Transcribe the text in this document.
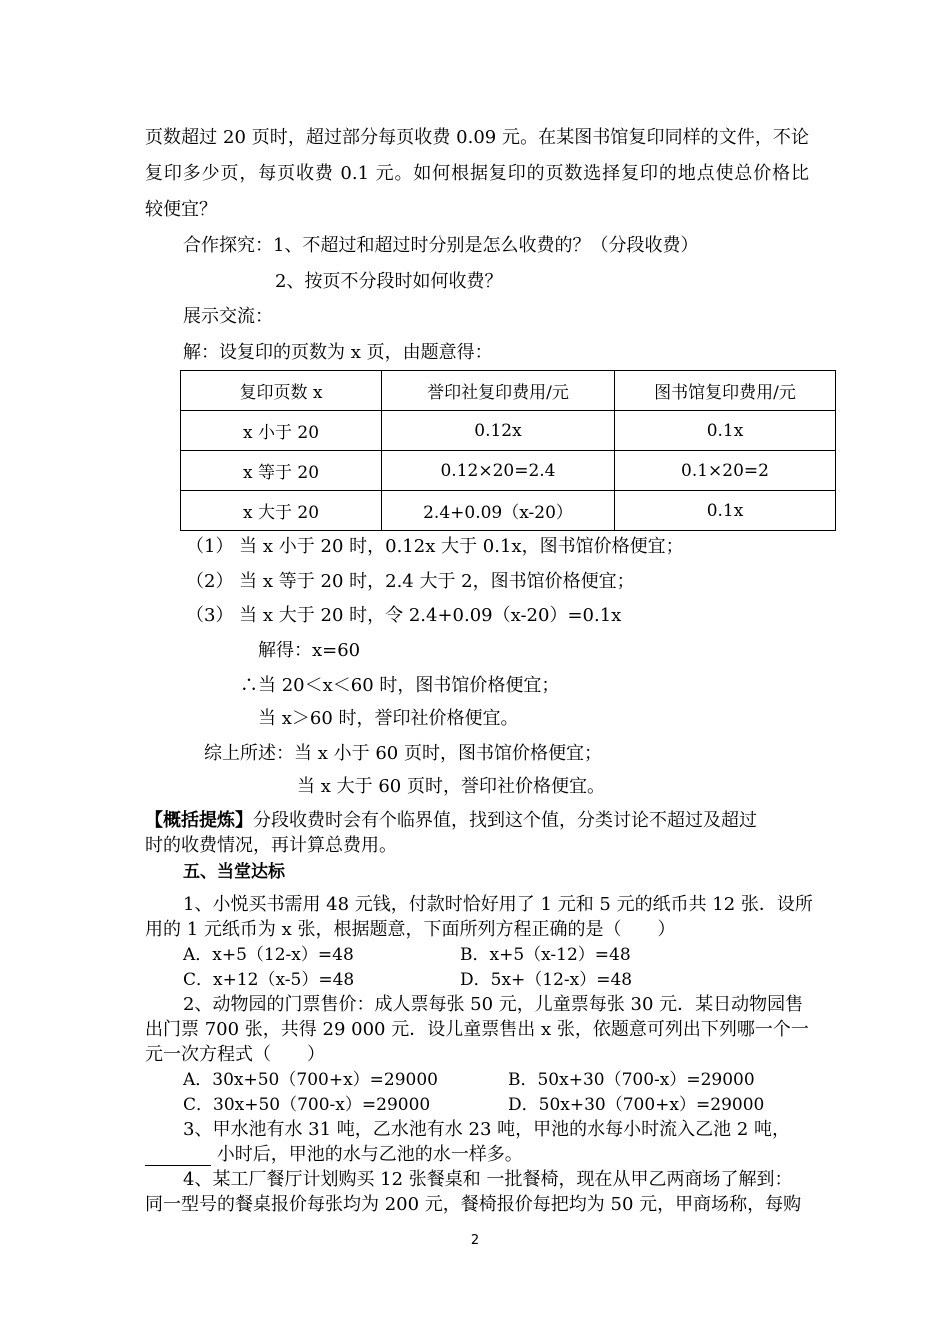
页数超过 20 页时，超过部分每页收费 0.09 元。在某图书馆复印同样的文件，不论
复印多少页，每页收费 0.1 元。如何根据复印的页数选择复印的地点使总价格比
较便宜？
合作探究：1、不超过和超过时分别是怎么收费的？（分段收费）
2、按页不分段时如何收费？
展示交流：
解：设复印的页数为 x 页，由题意得：
复印页数 x	誉印社复印费用/元	图书馆复印费用/元
x 小于 20	0.12x	0.1x
x 等于 20	0.12×20=2.4	0.1×20=2
x 大于 20	2.4+0.09（x-20）	0.1x
（1） 当 x 小于 20 时，0.12x 大于 0.1x，图书馆价格便宜；
（2） 当 x 等于 20 时，2.4 大于 2，图书馆价格便宜；
（3） 当 x 大于 20 时，令 2.4+0.09（x-20）=0.1x
解得：x=60
∴当 20＜x＜60 时，图书馆价格便宜；
当 x＞60 时，誉印社价格便宜。
综上所述：当 x 小于 60 页时，图书馆价格便宜；
当 x 大于 60 页时，誉印社价格便宜。
【概括提炼】分段收费时会有个临界值，找到这个值，分类讨论不超过及超过
时的收费情况，再计算总费用。
五、当堂达标
1、小悦买书需用 48 元钱，付款时恰好用了 1 元和 5 元的纸币共 12 张．设所
用的 1 元纸币为 x 张，根据题意，下面所列方程正确的是（　　）
A．x+5（12-x）=48	B．x+5（x-12）=48
C．x+12（x-5）=48	D．5x+（12-x）=48
2、动物园的门票售价：成人票每张 50 元，儿童票每张 30 元．某日动物园售
出门票 700 张，共得 29 000 元．设儿童票售出 x 张，依题意可列出下列哪一个一
元一次方程式（　　）
A．30x+50（700+x）=29000	B．50x+30（700-x）=29000
C．30x+50（700-x）=29000	D．50x+30（700+x）=29000
3、甲水池有水 31 吨，乙水池有水 23 吨，甲池的水每小时流入乙池 2 吨，
小时后，甲池的水与乙池的水一样多。
4、某工厂餐厅计划购买 12 张餐桌和 一批餐椅，现在从甲乙两商场了解到：
同一型号的餐桌报价每张均为 200 元，餐椅报价每把均为 50 元，甲商场称，每购
2
